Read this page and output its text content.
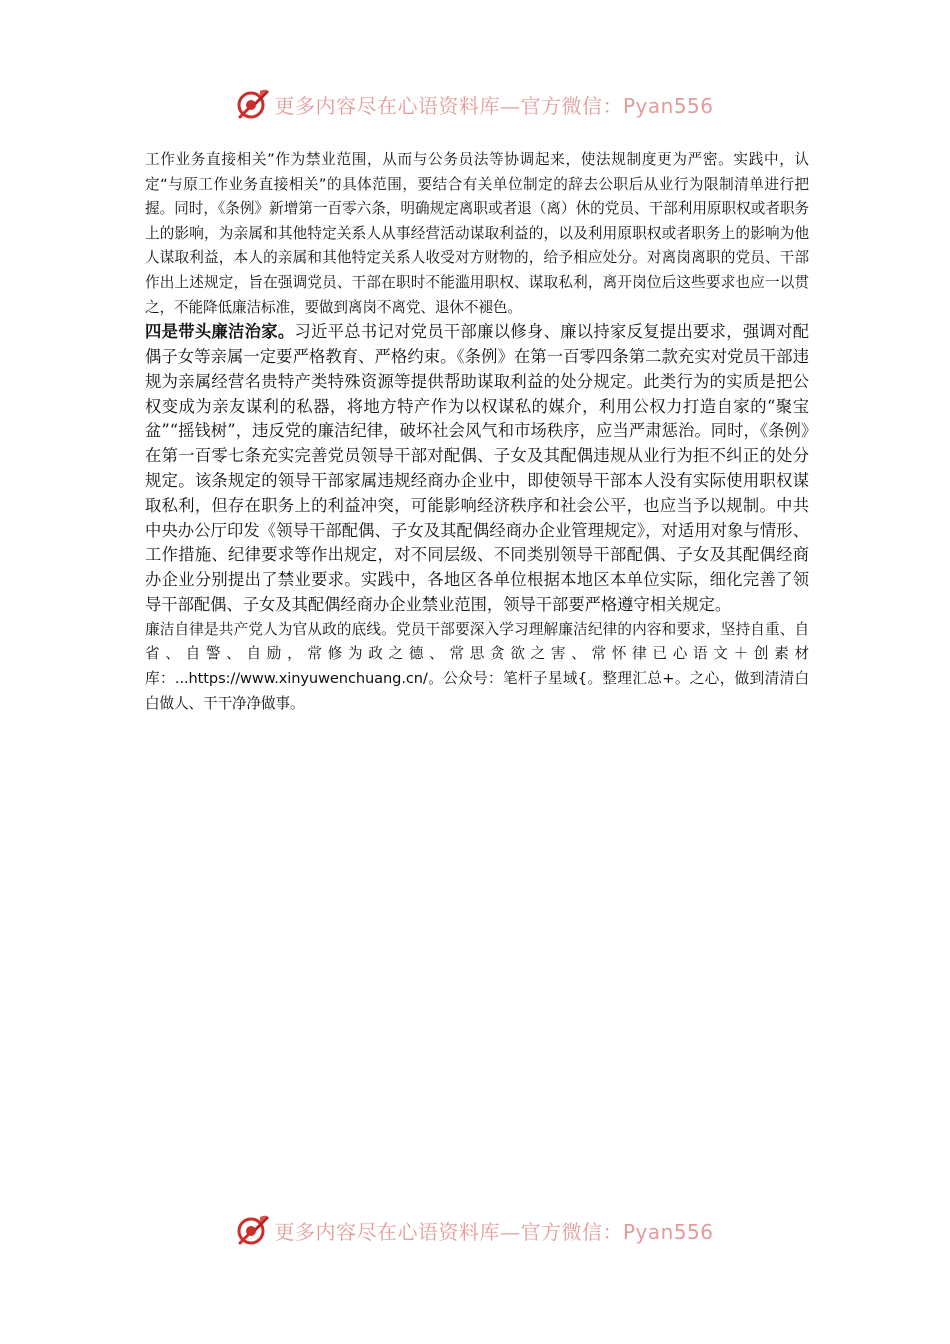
更多内容尽在心语资料库—官方微信：Pyan556

工作业务直接相关”作为禁业范围，从而与公务员法等协调起来，使法规制度更为严密。实践中，认定“与原工作业务直接相关”的具体范围，要结合有关单位制定的辞去公职后从业行为限制清单进行把握。同时，《条例》新增第一百零六条，明确规定离职或者退（离）休的党员、干部利用原职权或者职务上的影响，为亲属和其他特定关系人从事经营活动谋取利益的，以及利用原职权或者职务上的影响为他人谋取利益，本人的亲属和其他特定关系人收受对方财物的，给予相应处分。对离岗离职的党员、干部作出上述规定，旨在强调党员、干部在职时不能滥用职权、谋取私利，离开岗位后这些要求也应一以贯之，不能降低廉洁标准，要做到离岗不离党、退休不褪色。

四是带头廉洁治家。习近平总书记对党员干部廉以修身、廉以持家反复提出要求，强调对配偶子女等亲属一定要严格教育、严格约束。《条例》在第一百零四条第二款充实对党员干部违规为亲属经营名贵特产类特殊资源等提供帮助谋取利益的处分规定。此类行为的实质是把公权变成为亲友谋利的私器，将地方特产作为以权谋私的媒介，利用公权力打造自家的“聚宝盆”“摇钱树”，违反党的廉洁纪律，破坏社会风气和市场秩序，应当严肃惩治。同时，《条例》在第一百零七条充实完善党员领导干部对配偶、子女及其配偶违规从业行为拒不纠正的处分规定。该条规定的领导干部家属违规经商办企业中，即使领导干部本人没有实际使用职权谋取私利，但存在职务上的利益冲突，可能影响经济秩序和社会公平，也应当予以规制。中共中央办公厅印发《领导干部配偶、子女及其配偶经商办企业管理规定》，对适用对象与情形、工作措施、纪律要求等作出规定，对不同层级、不同类别领导干部配偶、子女及其配偶经商办企业分别提出了禁业要求。实践中，各地区各单位根据本地区本单位实际，细化完善了领导干部配偶、子女及其配偶经商办企业禁业范围，领导干部要严格遵守相关规定。

廉洁自律是共产党人为官从政的底线。党员干部要深入学习理解廉洁纪律的内容和要求，坚持自重、自省、自警、自励，常修为政之德、常思贪欲之害、常怀律已心语文＋创素材库：...https://www.xinyuwenchuang.cn/。公众号：笔杆子星域{。整理汇总+。之心，做到清清白白做人、干干净净做事。

更多内容尽在心语资料库—官方微信：Pyan556
